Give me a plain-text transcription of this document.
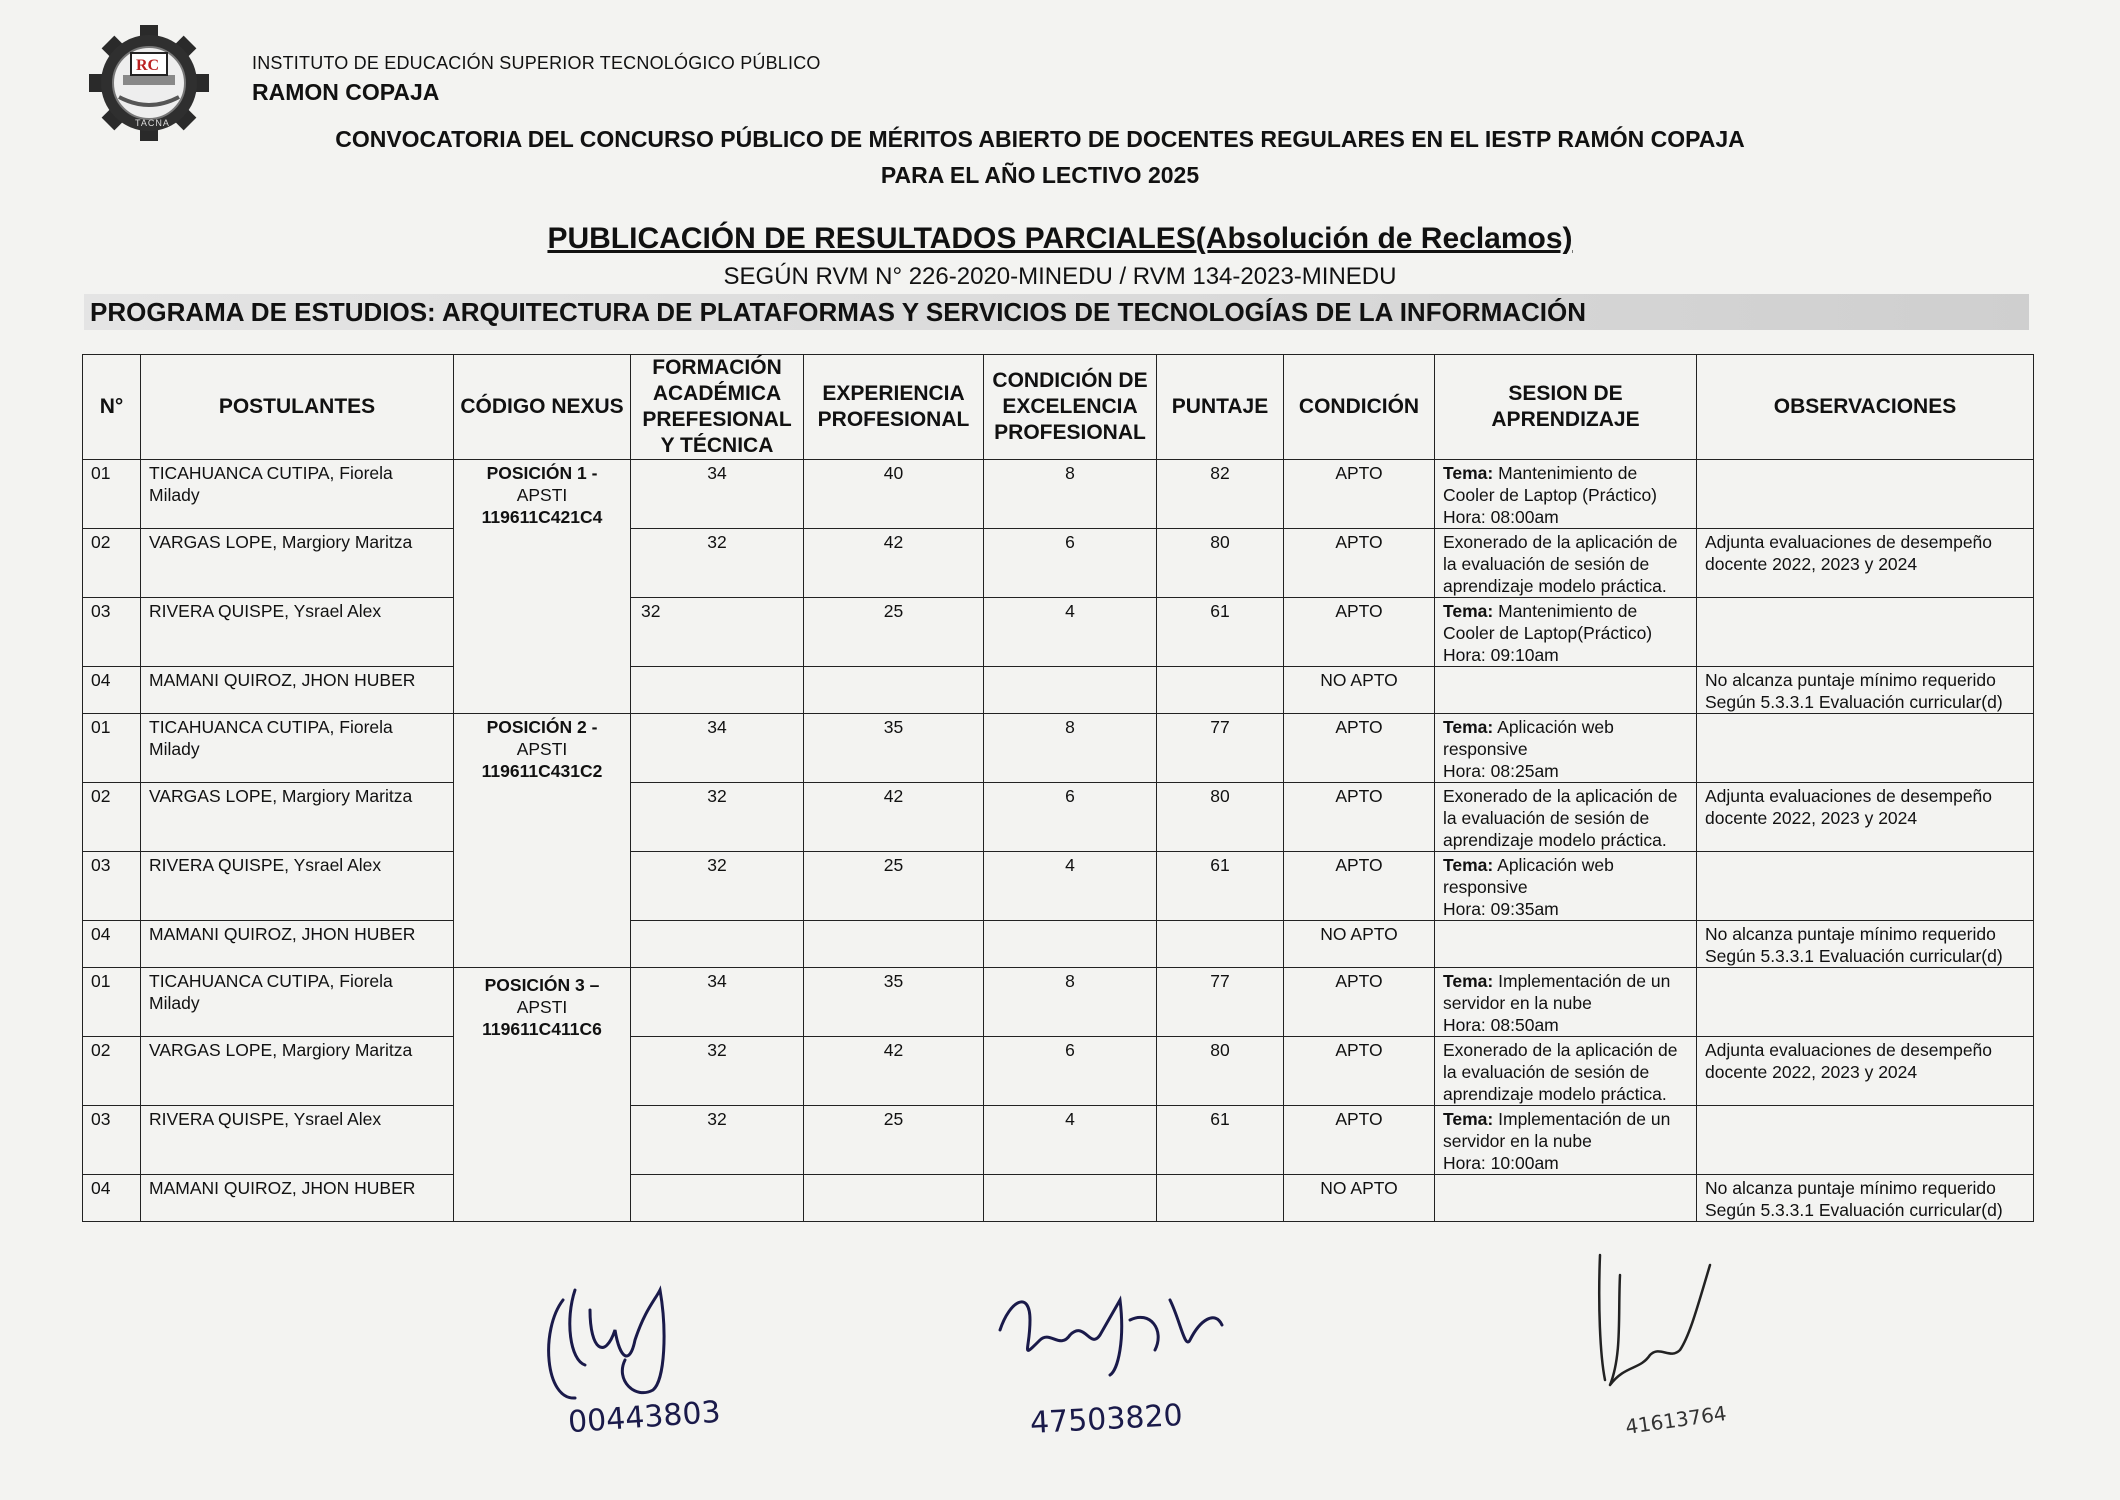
RC
TACNA
INSTITUTO DE EDUCACIÓN SUPERIOR TECNOLÓGICO PÚBLICO
RAMON COPAJA
CONVOCATORIA DEL CONCURSO PÚBLICO DE MÉRITOS ABIERTO DE DOCENTES REGULARES EN EL IESTP RAMÓN COPAJA
PARA EL AÑO LECTIVO 2025
PUBLICACIÓN DE RESULTADOS PARCIALES(Absolución de Reclamos)
SEGÚN RVM N° 226-2020-MINEDU / RVM 134-2023-MINEDU
PROGRAMA DE ESTUDIOS: ARQUITECTURA DE PLATAFORMAS Y SERVICIOS DE TECNOLOGÍAS DE LA INFORMACIÓN
N°	POSTULANTES	CÓDIGO NEXUS	FORMACIÓN ACADÉMICA PREFESIONAL Y TÉCNICA	EXPERIENCIA PROFESIONAL	CONDICIÓN DE EXCELENCIA PROFESIONAL	PUNTAJE	CONDICIÓN	SESION DE APRENDIZAJE	OBSERVACIONES
01	TICAHUANCA CUTIPA, Fiorela Milady	POSICIÓN 1 -
APSTI
119611C421C4	34	40	8	82	APTO	Tema: Mantenimiento de Cooler de Laptop (Práctico)
Hora: 08:00am	

02	VARGAS LOPE, Margiory Maritza		32	42	6	80	APTO	Exonerado de la aplicación de la evaluación de sesión de aprendizaje modelo práctica.	Adjunta evaluaciones de desempeño docente 2022, 2023 y 2024
03	RIVERA QUISPE, Ysrael Alex		32	25	4	61	APTO	Tema: Mantenimiento de Cooler de Laptop(Práctico)
Hora: 09:10am	

04	MAMANI QUIROZ, JHON HUBER						NO APTO		No alcanza puntaje mínimo requerido Según 5.3.3.1 Evaluación curricular(d)
01	TICAHUANCA CUTIPA, Fiorela Milady	POSICIÓN 2 -
APSTI
119611C431C2	34	35	8	77	APTO	Tema: Aplicación web responsive
Hora: 08:25am	

02	VARGAS LOPE, Margiory Maritza		32	42	6	80	APTO	Exonerado de la aplicación de la evaluación de sesión de aprendizaje modelo práctica.	Adjunta evaluaciones de desempeño docente 2022, 2023 y 2024
03	RIVERA QUISPE, Ysrael Alex		32	25	4	61	APTO	Tema: Aplicación web responsive
Hora: 09:35am	

04	MAMANI QUIROZ, JHON HUBER						NO APTO		No alcanza puntaje mínimo requerido Según 5.3.3.1 Evaluación curricular(d)
01	TICAHUANCA CUTIPA, Fiorela Milady	POSICIÓN 3 –
APSTI
119611C411C6	34	35	8	77	APTO	Tema: Implementación de un servidor en la nube
Hora: 08:50am	

02	VARGAS LOPE, Margiory Maritza		32	42	6	80	APTO	Exonerado de la aplicación de la evaluación de sesión de aprendizaje modelo práctica.	Adjunta evaluaciones de desempeño docente 2022, 2023 y 2024
03	RIVERA QUISPE, Ysrael Alex		32	25	4	61	APTO	Tema: Implementación de un servidor en la nube
Hora: 10:00am	

04	MAMANI QUIROZ, JHON HUBER						NO APTO		No alcanza puntaje mínimo requerido Según 5.3.3.1 Evaluación curricular(d)
00443803	47503820	41613764
